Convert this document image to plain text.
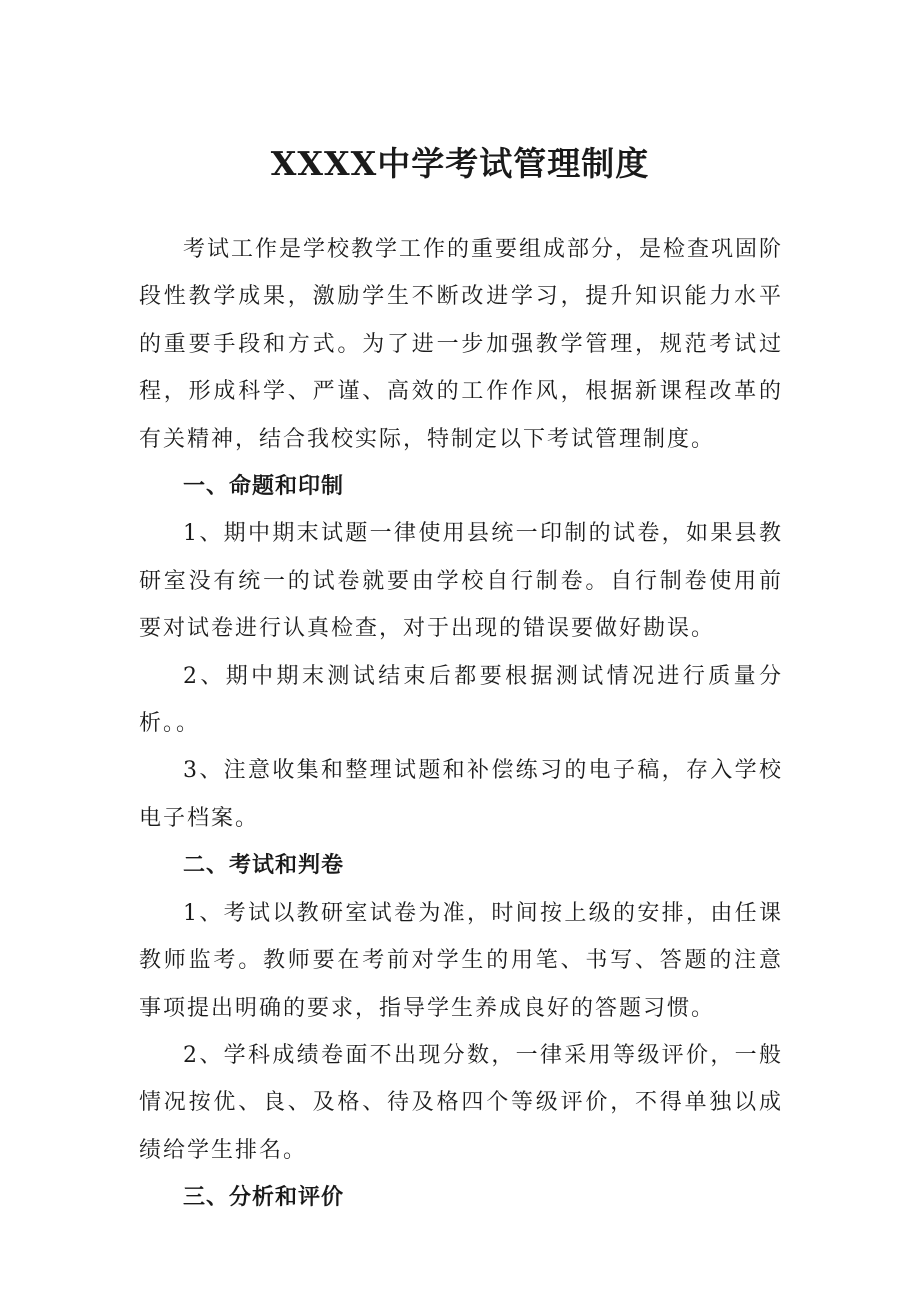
XXXX中学考试管理制度

考试工作是学校教学工作的重要组成部分，是检查巩固阶段性教学成果，激励学生不断改进学习，提升知识能力水平的重要手段和方式。为了进一步加强教学管理，规范考试过程，形成科学、严谨、高效的工作作风，根据新课程改革的有关精神，结合我校实际，特制定以下考试管理制度。

一、命题和印制

1、期中期末试题一律使用县统一印制的试卷，如果县教研室没有统一的试卷就要由学校自行制卷。自行制卷使用前要对试卷进行认真检查，对于出现的错误要做好勘误。

2、期中期末测试结束后都要根据测试情况进行质量分析。。

3、注意收集和整理试题和补偿练习的电子稿，存入学校电子档案。

二、考试和判卷

1、考试以教研室试卷为准，时间按上级的安排，由任课教师监考。教师要在考前对学生的用笔、书写、答题的注意事项提出明确的要求，指导学生养成良好的答题习惯。

2、学科成绩卷面不出现分数，一律采用等级评价，一般情况按优、良、及格、待及格四个等级评价，不得单独以成绩给学生排名。

三、分析和评价
